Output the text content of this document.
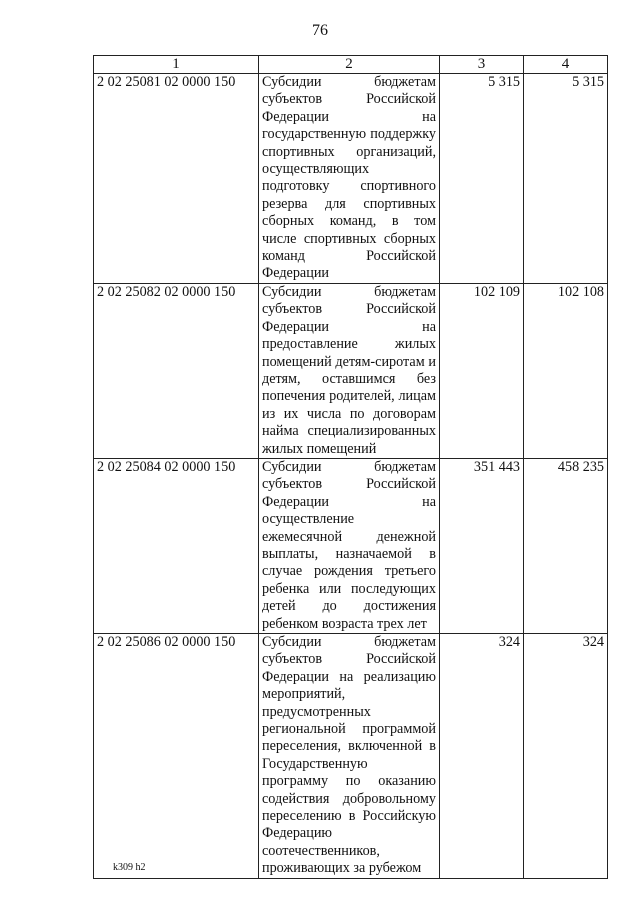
76
1	2	3	4
2 02 25081 02 0000 150	Субсидии бюджетам субъектов Российской Федерации на государственную поддержку спортивных организаций, осуществляющих подготовку спортивного резерва для спортивных сборных команд, в том числе спортивных сборных команд Российской Федерации	5 315	5 315
2 02 25082 02 0000 150	Субсидии бюджетам субъектов Российской Федерации на предоставление жилых помещений детям-сиротам и детям, оставшимся без попечения родителей, лицам из их числа по договорам найма специализированных жилых помещений	102 109	102 108
2 02 25084 02 0000 150	Субсидии бюджетам субъектов Российской Федерации на осуществление ежемесячной денежной выплаты, назначаемой в случае рождения третьего ребенка или последующих детей до достижения ребенком возраста трех лет	351 443	458 235
2 02 25086 02 0000 150	Субсидии бюджетам субъектов Российской Федерации на реализацию мероприятий, предусмотренных региональной программой переселения, включенной в Государственную программу по оказанию содействия добровольному переселению в Российскую Федерацию соотечественников, проживающих за рубежом	324	324
k309 h2
